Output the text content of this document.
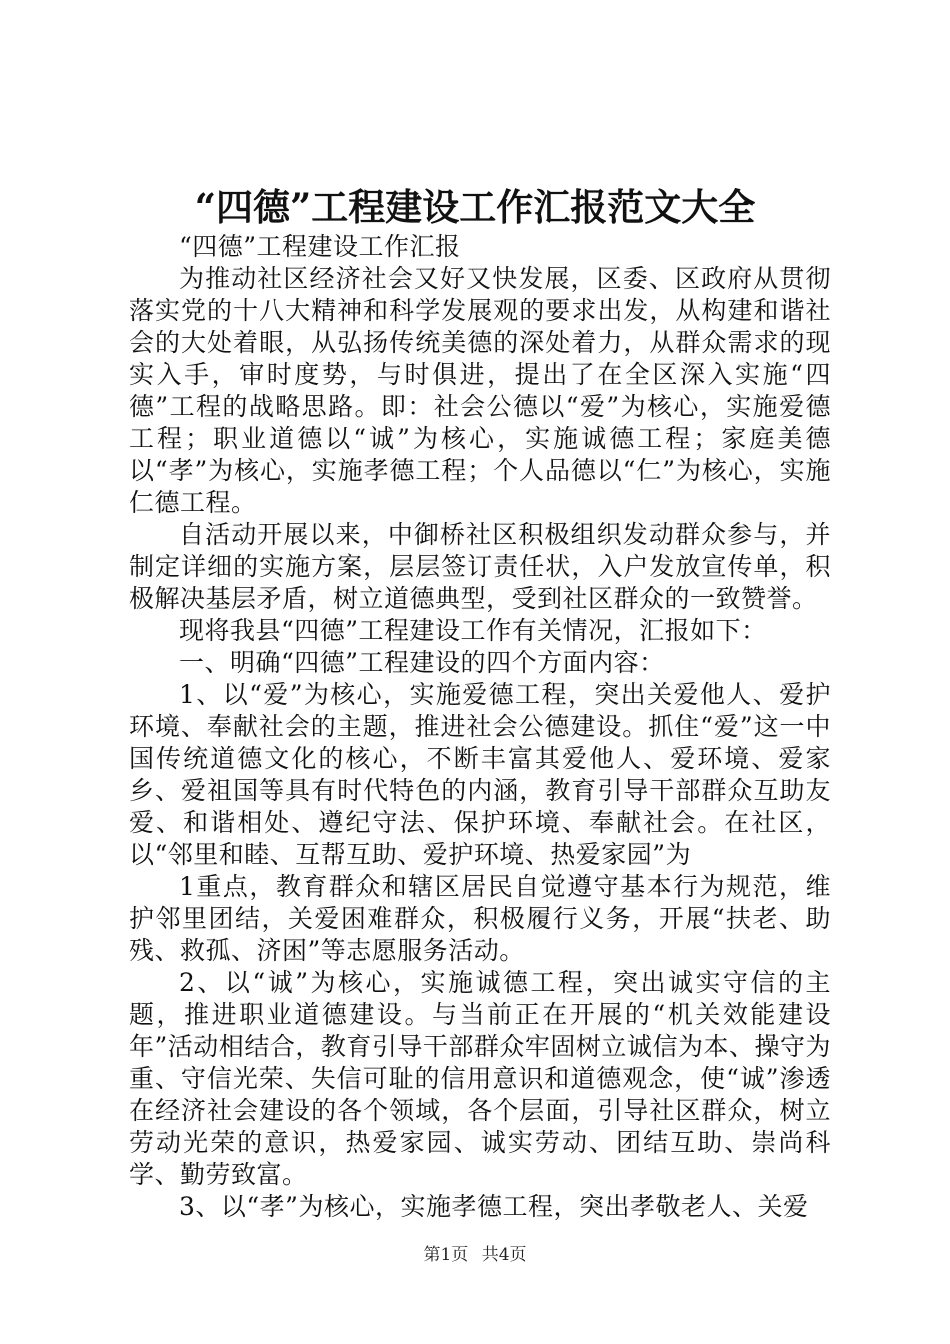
“四德”工程建设工作汇报范文大全

“四德”工程建设工作汇报

为推动社区经济社会又好又快发展，区委、区政府从贯彻落实党的十八大精神和科学发展观的要求出发，从构建和谐社会的大处着眼，从弘扬传统美德的深处着力，从群众需求的现实入手，审时度势，与时俱进，提出了在全区深入实施“四德”工程的战略思路。即：社会公德以“爱”为核心，实施爱德工程；职业道德以“诚”为核心，实施诚德工程；家庭美德以“孝”为核心，实施孝德工程；个人品德以“仁”为核心，实施仁德工程。

自活动开展以来，中御桥社区积极组织发动群众参与，并制定详细的实施方案，层层签订责任状，入户发放宣传单，积极解决基层矛盾，树立道德典型，受到社区群众的一致赞誉。

现将我县“四德”工程建设工作有关情况，汇报如下：

一、明确“四德”工程建设的四个方面内容：

1、以“爱”为核心，实施爱德工程，突出关爱他人、爱护环境、奉献社会的主题，推进社会公德建设。抓住“爱”这一中国传统道德文化的核心，不断丰富其爱他人、爱环境、爱家乡、爱祖国等具有时代特色的内涵，教育引导干部群众互助友爱、和谐相处、遵纪守法、保护环境、奉献社会。在社区，以“邻里和睦、互帮互助、爱护环境、热爱家园”为

1重点，教育群众和辖区居民自觉遵守基本行为规范，维护邻里团结，关爱困难群众，积极履行义务，开展“扶老、助残、救孤、济困”等志愿服务活动。

2、以“诚”为核心，实施诚德工程，突出诚实守信的主题，推进职业道德建设。与当前正在开展的“机关效能建设年”活动相结合，教育引导干部群众牢固树立诚信为本、操守为重、守信光荣、失信可耻的信用意识和道德观念，使“诚”渗透在经济社会建设的各个领域，各个层面，引导社区群众，树立劳动光荣的意识，热爱家园、诚实劳动、团结互助、崇尚科学、勤劳致富。

3、以“孝”为核心，实施孝德工程，突出孝敬老人、关爱

第1页 共4页
